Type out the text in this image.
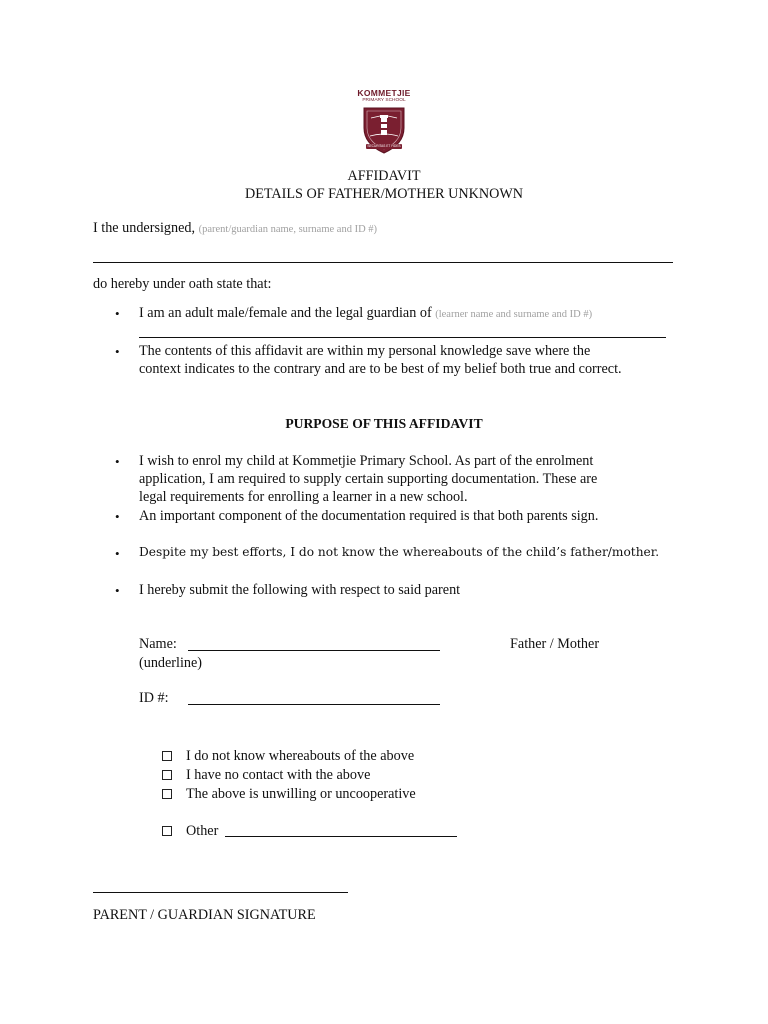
KOMMETJIE
PRIMARY SCHOOL
SECURITAS ET FIDES
AFFIDAVIT
DETAILS OF FATHER/MOTHER UNKNOWN
I the undersigned, (parent/guardian name, surname and ID #)
do hereby under oath state that:
• I am an adult male/female and the legal guardian of (learner name and surname and ID #)
• The contents of this affidavit are within my personal knowledge save where the
context indicates to the contrary and are to be best of my belief both true and correct.
PURPOSE OF THIS AFFIDAVIT
• I wish to enrol my child at Kommetjie Primary School. As part of the enrolment
application, I am required to supply certain supporting documentation. These are
legal requirements for enrolling a learner in a new school.
• An important component of the documentation required is that both parents sign.
• Despite my best efforts, I do not know the whereabouts of the child’s father/mother.
• I hereby submit the following with respect to said parent
Name:	Father / Mother
(underline)
ID #:
I do not know whereabouts of the above
I have no contact with the above
The above is unwilling or uncooperative
Other
PARENT / GUARDIAN SIGNATURE
